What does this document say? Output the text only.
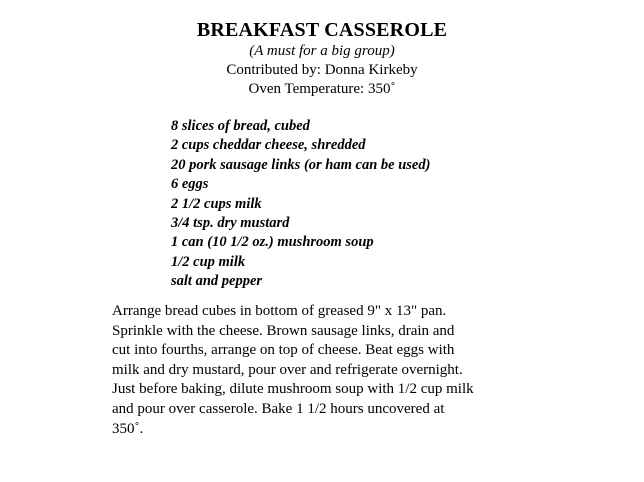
BREAKFAST CASSEROLE
(A must for a big group)
Contributed by: Donna Kirkeby
Oven Temperature: 350˚
8 slices of bread, cubed
2 cups cheddar cheese, shredded
20 pork sausage links (or ham can be used)
6 eggs
2 1/2 cups milk
3/4 tsp. dry mustard
1 can (10 1/2 oz.) mushroom soup
1/2 cup milk
salt and pepper
Arrange bread cubes in bottom of greased 9" x 13" pan.
Sprinkle with the cheese. Brown sausage links, drain and
cut into fourths, arrange on top of cheese. Beat eggs with
milk and dry mustard, pour over and refrigerate overnight.
Just before baking, dilute mushroom soup with 1/2 cup milk
and pour over casserole. Bake 1 1/2 hours uncovered at
350˚.
